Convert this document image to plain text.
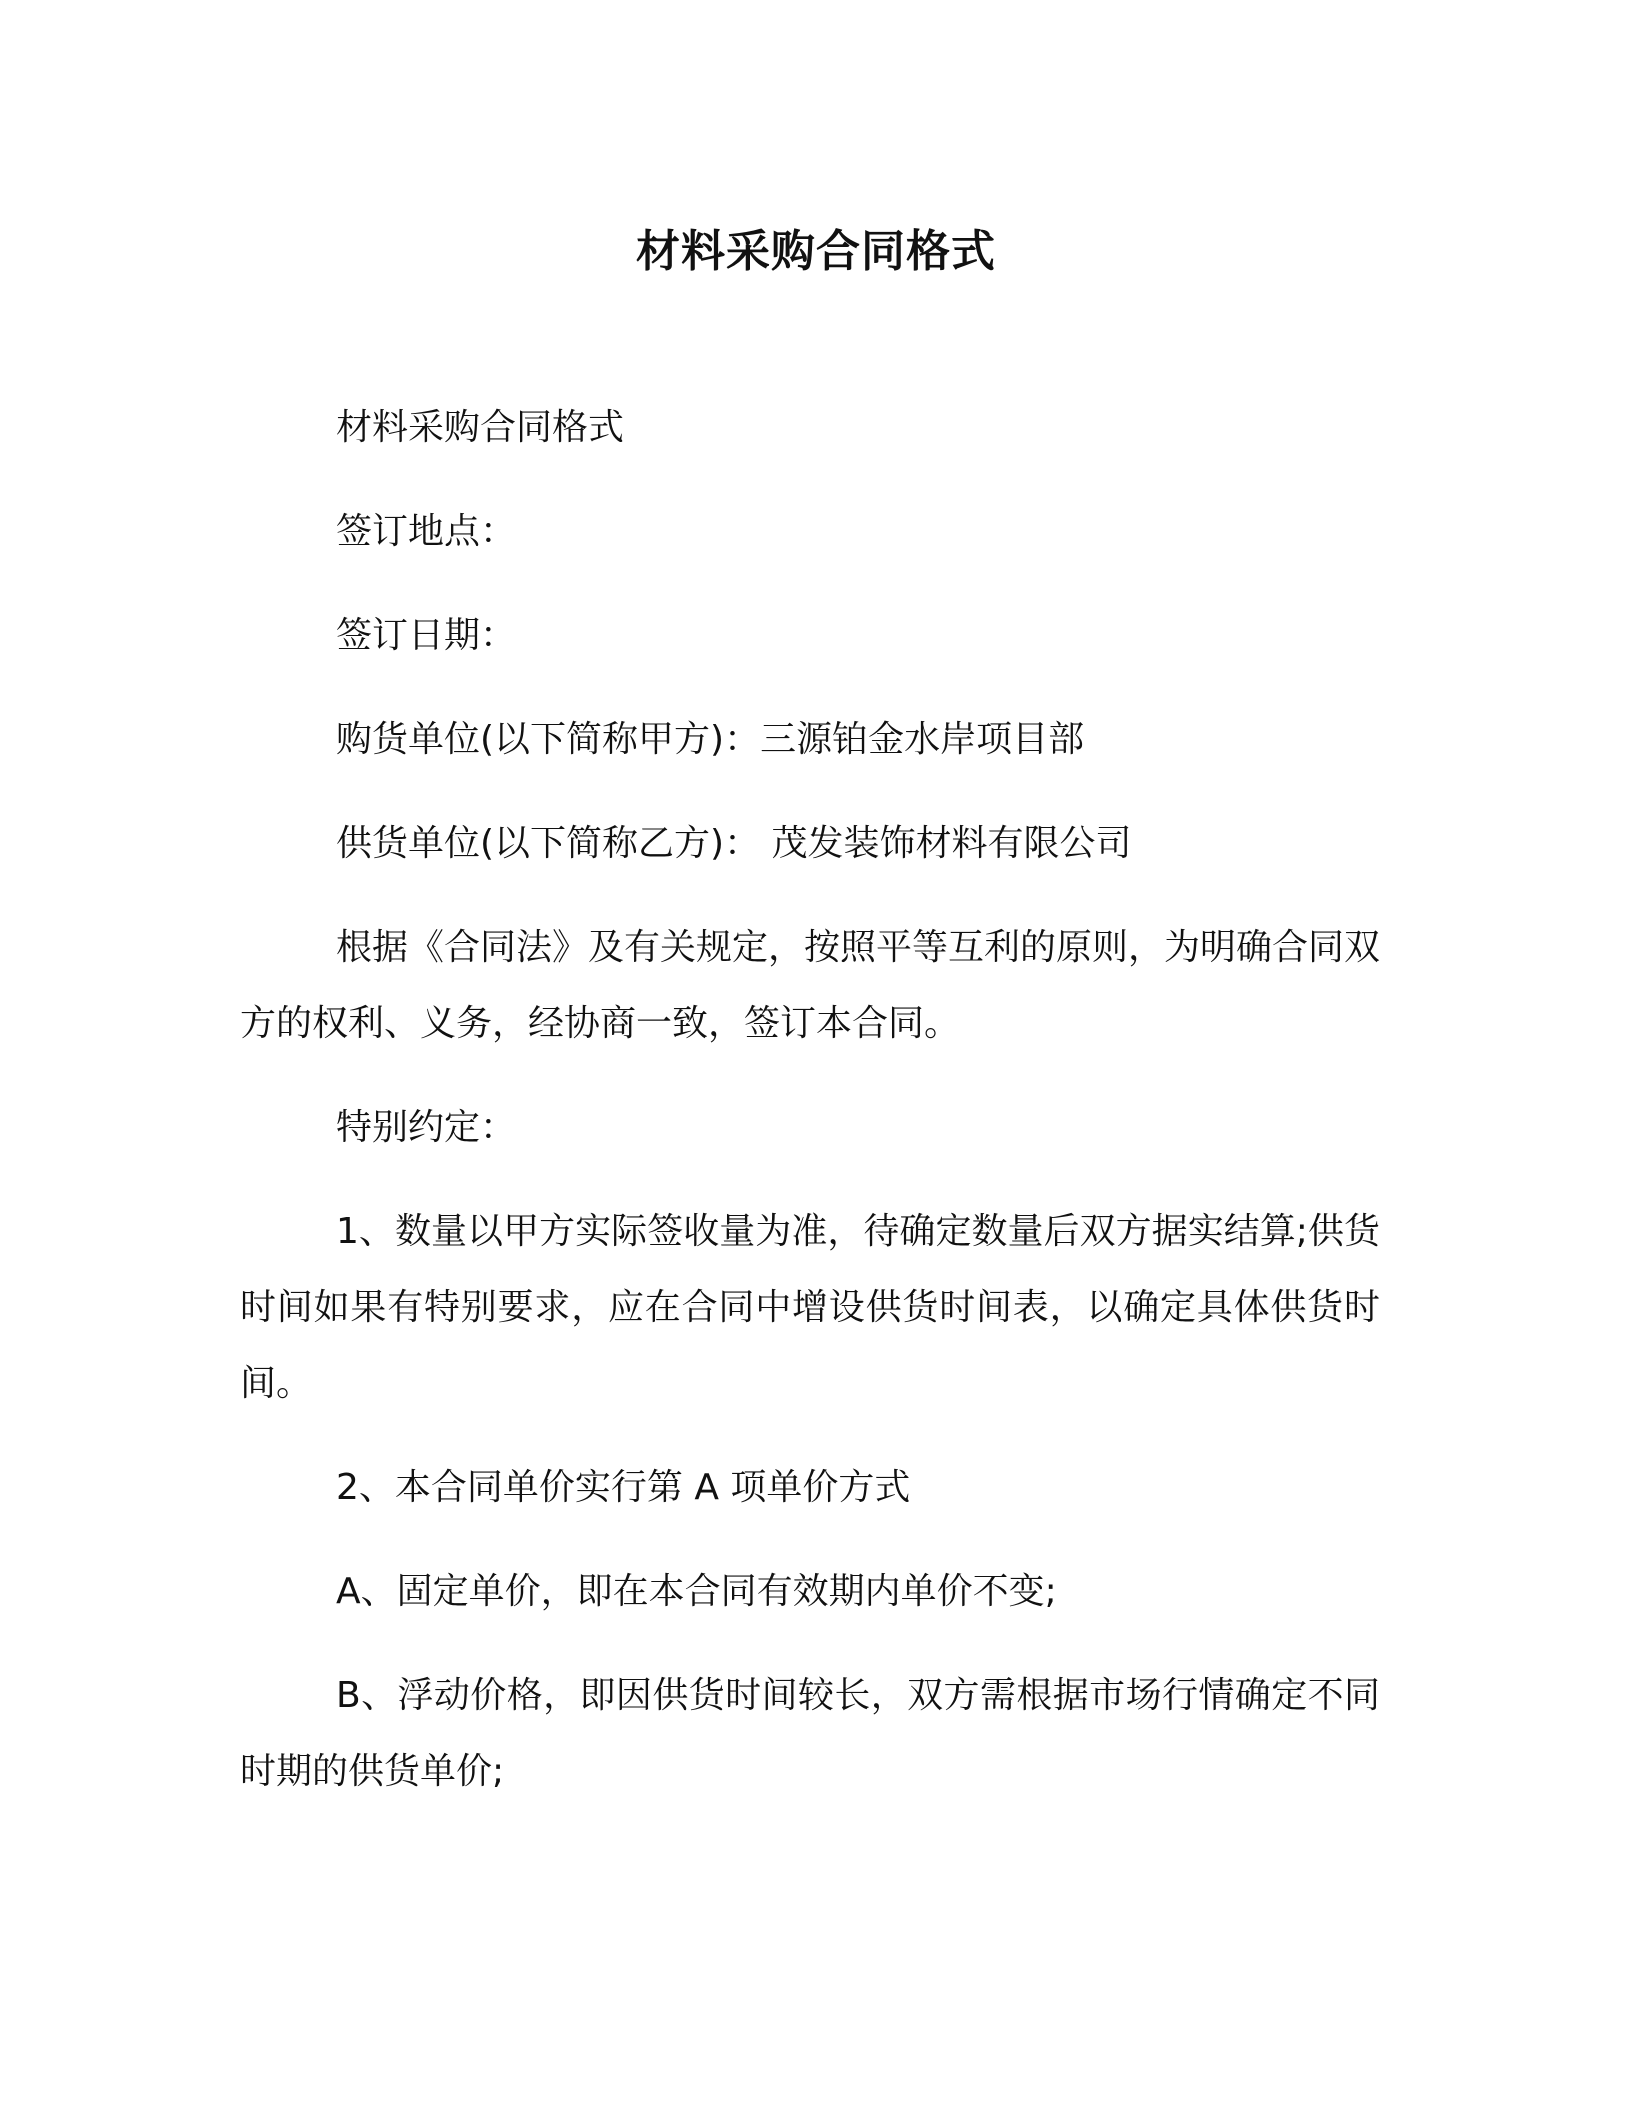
材料采购合同格式

材料采购合同格式

签订地点：

签订日期：

购货单位(以下简称甲方)：三源铂金水岸项目部

供货单位(以下简称乙方)： 茂发装饰材料有限公司

根据《合同法》及有关规定，按照平等互利的原则，为明确合同双方的权利、义务，经协商一致，签订本合同。

特别约定：

1、数量以甲方实际签收量为准，待确定数量后双方据实结算;供货时间如果有特别要求，应在合同中增设供货时间表，以确定具体供货时间。

2、本合同单价实行第 A 项单价方式

A、固定单价，即在本合同有效期内单价不变;

B、浮动价格，即因供货时间较长，双方需根据市场行情确定不同时期的供货单价;
